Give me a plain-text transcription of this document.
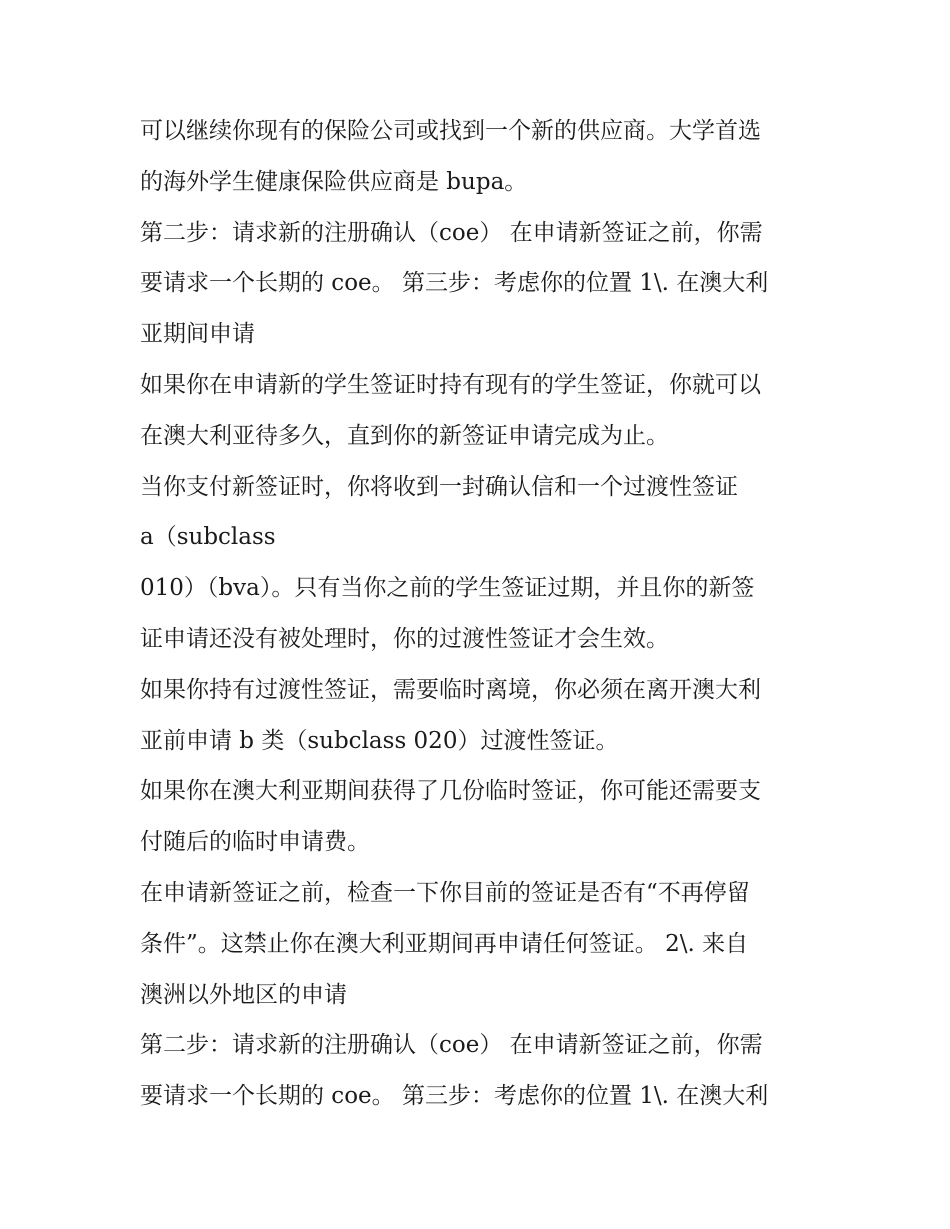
可以继续你现有的保险公司或找到一个新的供应商。大学首选
的海外学生健康保险供应商是 bupa。
第二步：请求新的注册确认（coe） 在申请新签证之前，你需
要请求一个长期的 coe。 第三步：考虑你的位置 1\. 在澳大利
亚期间申请
如果你在申请新的学生签证时持有现有的学生签证，你就可以
在澳大利亚待多久，直到你的新签证申请完成为止。
当你支付新签证时，你将收到一封确认信和一个过渡性签证
a（subclass
010）（bva）。只有当你之前的学生签证过期，并且你的新签
证申请还没有被处理时，你的过渡性签证才会生效。
如果你持有过渡性签证，需要临时离境，你必须在离开澳大利
亚前申请 b 类（subclass 020）过渡性签证。
如果你在澳大利亚期间获得了几份临时签证，你可能还需要支
付随后的临时申请费。
在申请新签证之前，检查一下你目前的签证是否有“不再停留
条件”。这禁止你在澳大利亚期间再申请任何签证。 2\. 来自
澳洲以外地区的申请
第二步：请求新的注册确认（coe） 在申请新签证之前，你需
要请求一个长期的 coe。 第三步：考虑你的位置 1\. 在澳大利
